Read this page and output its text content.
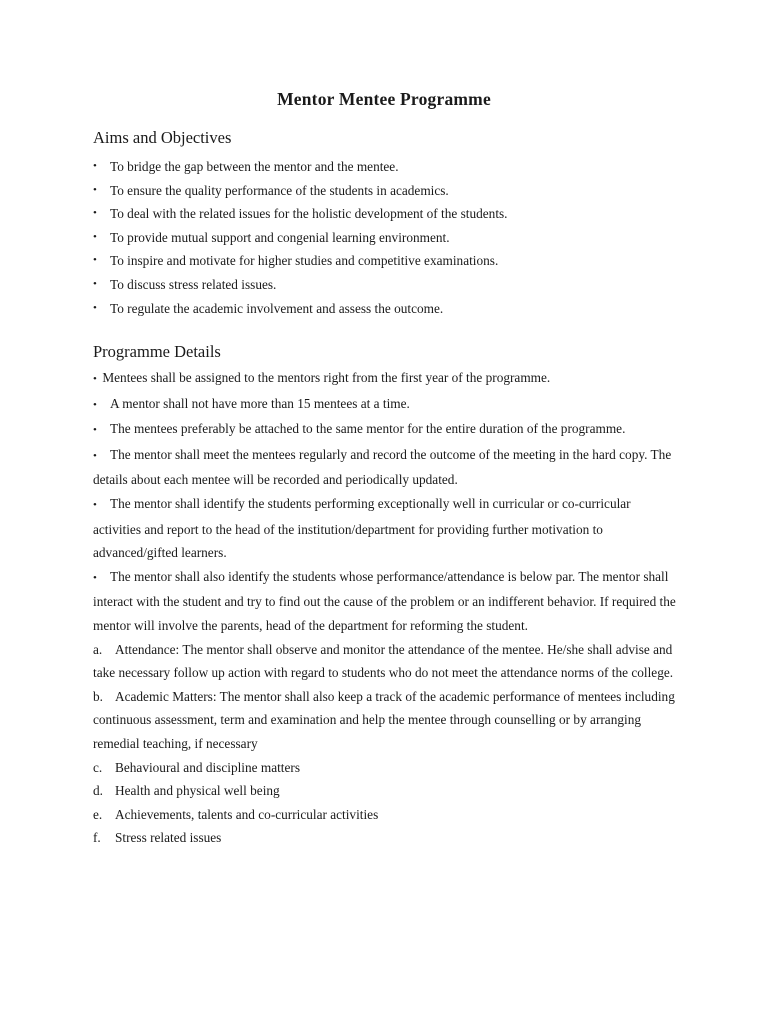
Mentor Mentee Programme
Aims and Objectives
• To bridge the gap between the mentor and the mentee.
• To ensure the quality performance of the students in academics.
• To deal with the related issues for the holistic development of the students.
• To provide mutual support and congenial learning environment.
• To inspire and motivate for higher studies and competitive examinations.
• To discuss stress related issues.
• To regulate the academic involvement and assess the outcome.
Programme Details

• Mentees shall be assigned to the mentors right from the first year of the programme.

• A mentor shall not have more than 15 mentees at a time.

• The mentees preferably be attached to the same mentor for the entire duration of the programme.

• The mentor shall meet the mentees regularly and record the outcome of the meeting in the hard copy. The details about each mentee will be recorded and periodically updated.

• The mentor shall identify the students performing exceptionally well in curricular or co-curricular activities and report to the head of the institution/department for providing further motivation to advanced/gifted learners.

• The mentor shall also identify the students whose performance/attendance is below par. The mentor shall interact with the student and try to find out the cause of the problem or an indifferent behavior. If required the mentor will involve the parents, head of the department for reforming the student.

a. Attendance: The mentor shall observe and monitor the attendance of the mentee. He/she shall advise and take necessary follow up action with regard to students who do not meet the attendance norms of the college.

b. Academic Matters: The mentor shall also keep a track of the academic performance of mentees including continuous assessment, term and examination and help the mentee through counselling or by arranging remedial teaching, if necessary

c. Behavioural and discipline matters

d. Health and physical well being

e. Achievements, talents and co-curricular activities

f. Stress related issues
